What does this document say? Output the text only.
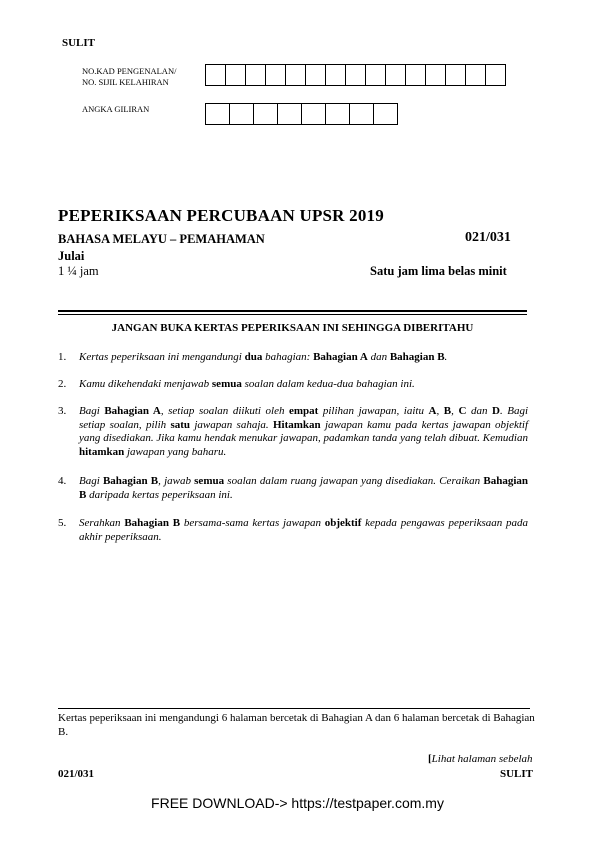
SULIT
NO.KAD PENGENALAN/
NO. SIJIL KELAHIRAN
ANGKA GILIRAN
PEPERIKSAAN PERCUBAAN UPSR 2019
BAHASA MELAYU – PEMAHAMAN	021/031
Julai
1 ¼ jam	Satu jam lima belas minit
JANGAN BUKA KERTAS PEPERIKSAAN INI SEHINGGA DIBERITAHU
1. Kertas peperiksaan ini mengandungi dua bahagian: Bahagian A dan Bahagian B.
2. Kamu dikehendaki menjawab semua soalan dalam kedua-dua bahagian ini.
3. Bagi Bahagian A, setiap soalan diikuti oleh empat pilihan jawapan, iaitu A, B, C dan D. Bagi setiap soalan, pilih satu jawapan sahaja. Hitamkan jawapan kamu pada kertas jawapan objektif yang disediakan. Jika kamu hendak menukar jawapan, padamkan tanda yang telah dibuat. Kemudian hitamkan jawapan yang baharu.
4. Bagi Bahagian B, jawab semua soalan dalam ruang jawapan yang disediakan. Ceraikan Bahagian B daripada kertas peperiksaan ini.
5. Serahkan Bahagian B bersama-sama kertas jawapan objektif kepada pengawas peperiksaan pada akhir peperiksaan.
Kertas peperiksaan ini mengandungi 6 halaman bercetak di Bahagian A dan 6 halaman bercetak di Bahagian B.
[Lihat halaman sebelah
021/031	SULIT
FREE DOWNLOAD-> https://testpaper.com.my
